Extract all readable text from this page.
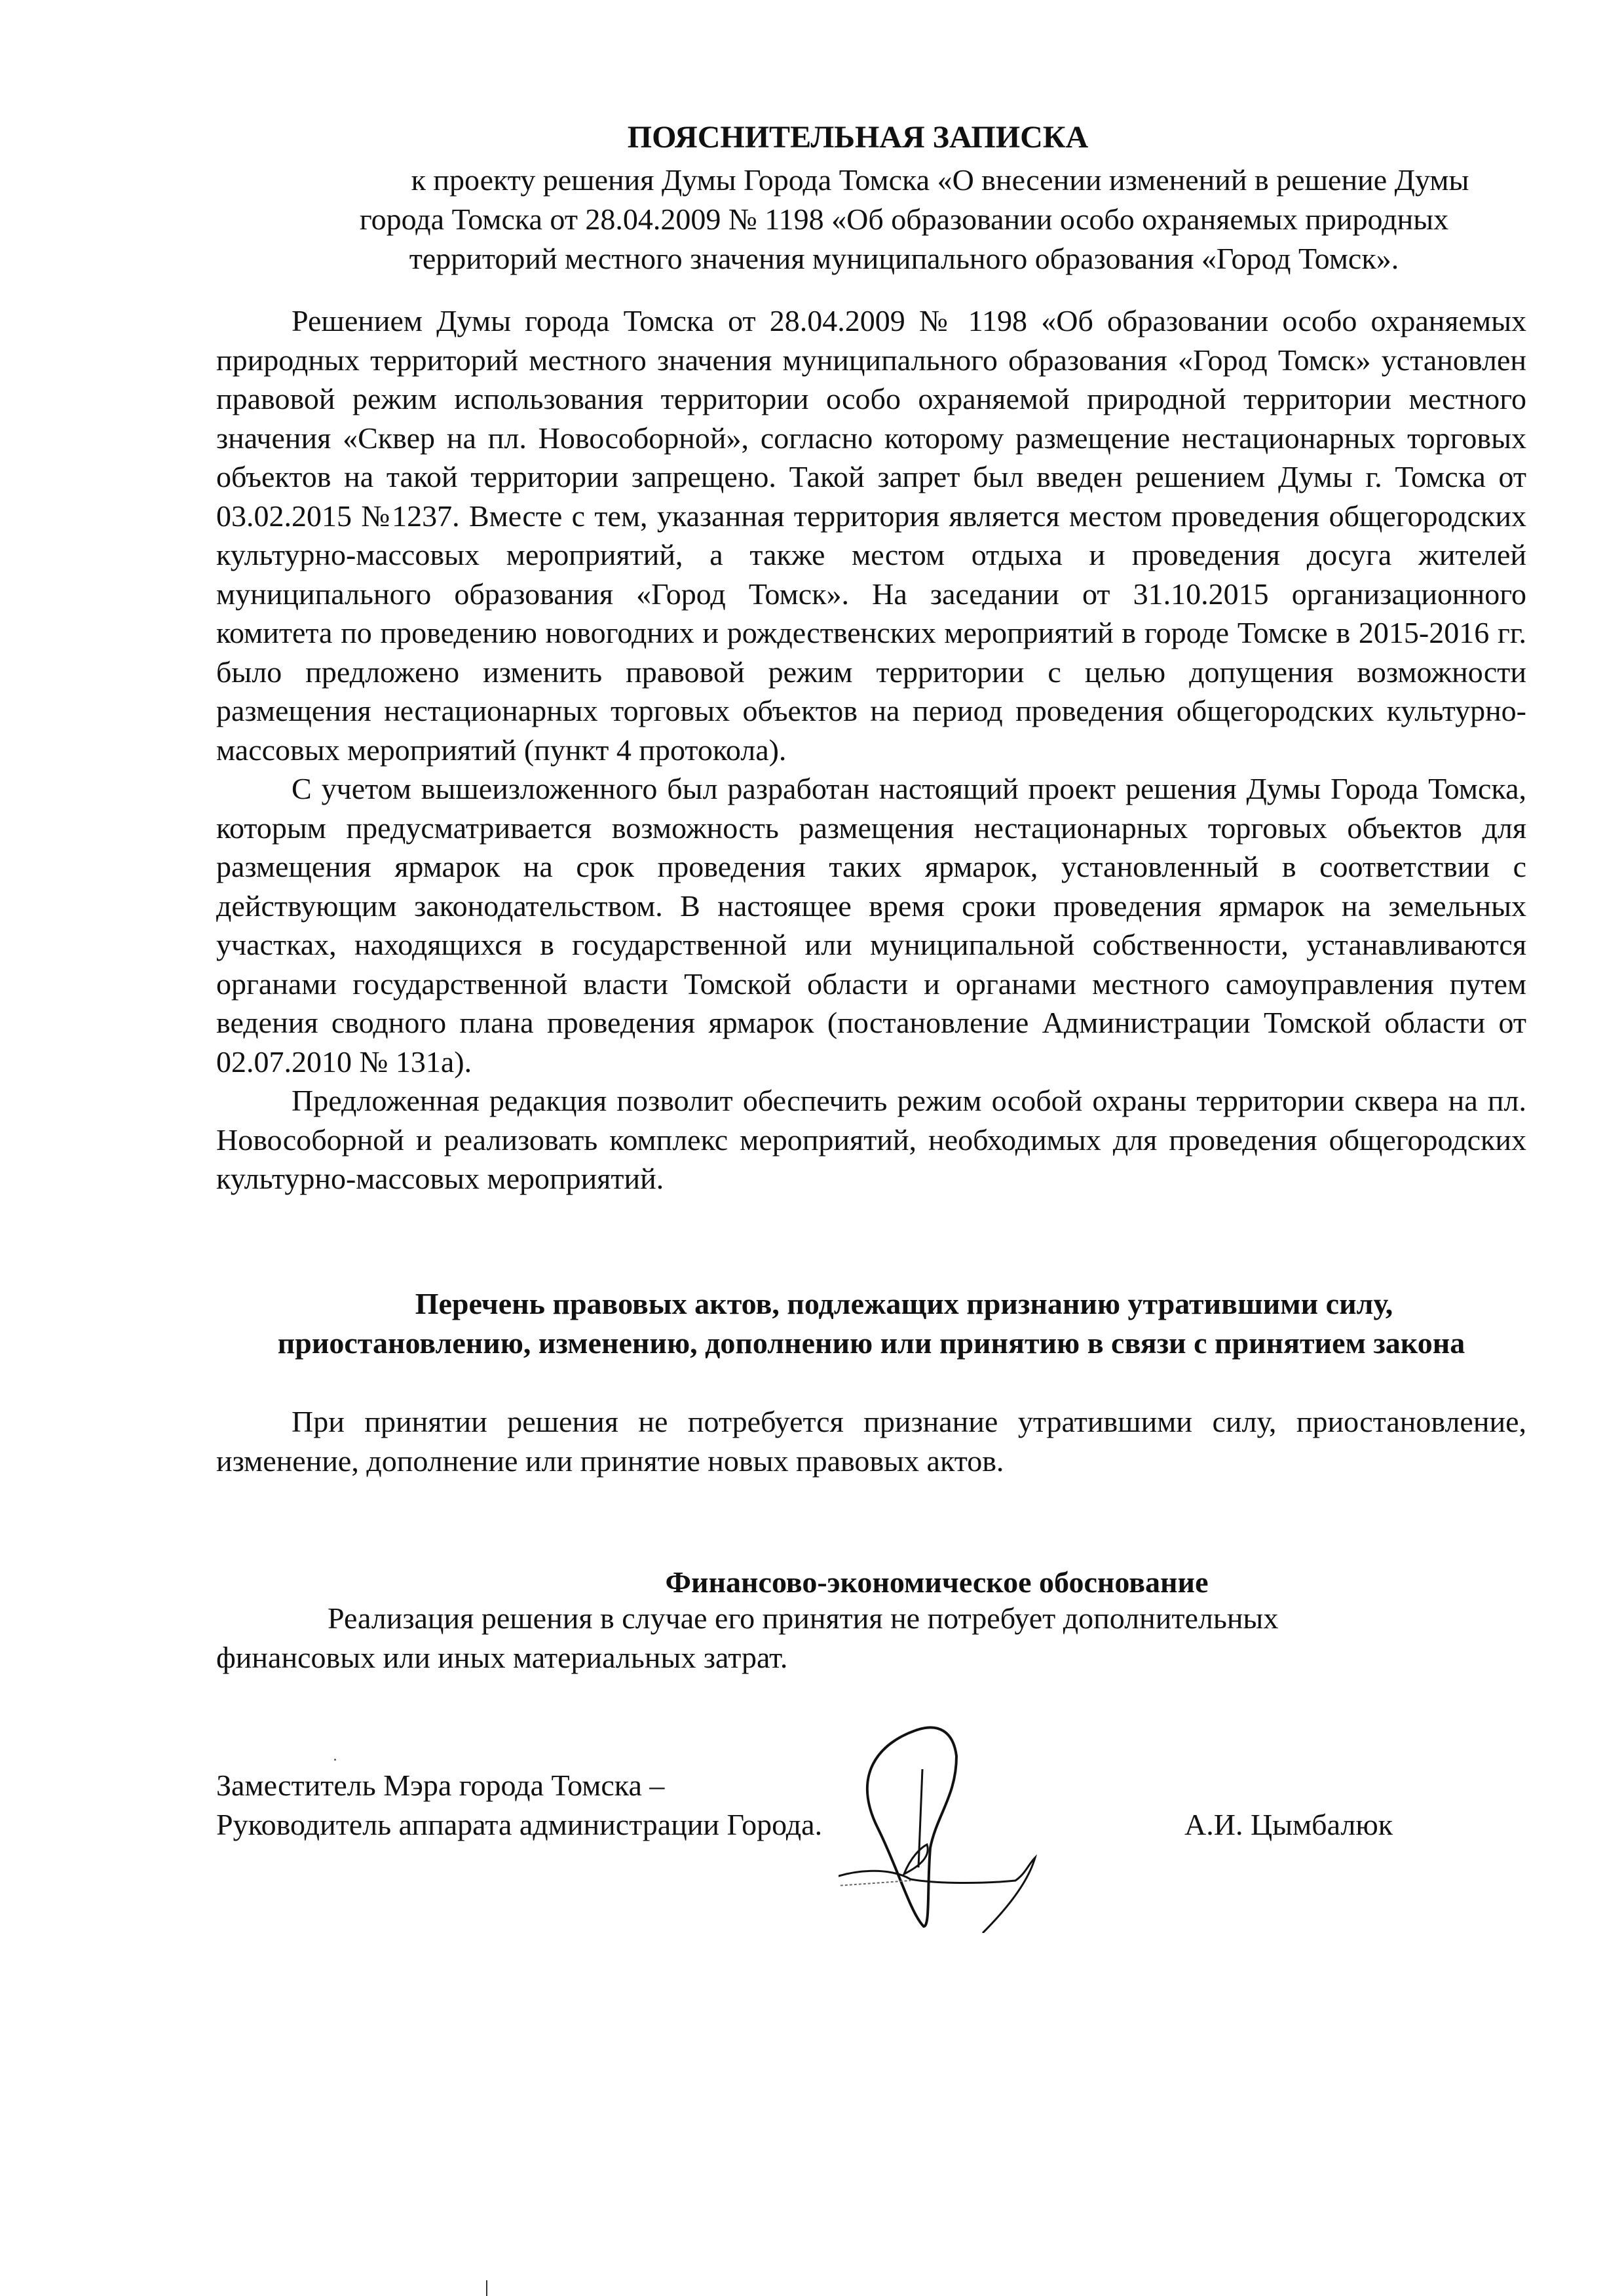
ПОЯСНИТЕЛЬНАЯ ЗАПИСКА
к проекту решения Думы Города Томска «О внесении изменений в решение Думы
города Томска от 28.04.2009 № 1198 «Об образовании особо охраняемых природных
территорий местного значения муниципального образования «Город Томск».

Решением Думы города Томска от 28.04.2009 № 1198 «Об образовании особо охраняемых природных территорий местного значения муниципального образования «Город Томск» установлен правовой режим использования территории особо охраняемой природной территории местного значения «Сквер на пл. Новособорной», согласно которому размещение нестационарных торговых объектов на такой территории запрещено. Такой запрет был введен решением Думы г. Томска от 03.02.2015 №1237. Вместе с тем, указанная территория является местом проведения общегородских культурно-массовых мероприятий, а также местом отдыха и проведения досуга жителей муниципального образования «Город Томск». На заседании от 31.10.2015 организационного комитета по проведению новогодних и рождественских мероприятий в городе Томске в 2015-2016 гг. было предложено изменить правовой режим территории с целью допущения возможности размещения нестационарных торговых объектов на период проведения общегородских культурно-массовых мероприятий (пункт 4 протокола).

С учетом вышеизложенного был разработан настоящий проект решения Думы Города Томска, которым предусматривается возможность размещения нестационарных торговых объектов для размещения ярмарок на срок проведения таких ярмарок, установленный в соответствии с действующим законодательством. В настоящее время сроки проведения ярмарок на земельных участках, находящихся в государственной или муниципальной собственности, устанавливаются органами государственной власти Томской области и органами местного самоуправления путем ведения сводного плана проведения ярмарок (постановление Администрации Томской области от 02.07.2010 № 131а).

Предложенная редакция позволит обеспечить режим особой охраны территории сквера на пл. Новособорной и реализовать комплекс мероприятий, необходимых для проведения общегородских культурно-массовых мероприятий.

Перечень правовых актов, подлежащих признанию утратившими силу,
приостановлению, изменению, дополнению или принятию в связи с принятием закона

При принятии решения не потребуется признание утратившими силу, приостановление, изменение, дополнение или принятие новых правовых актов.

Финансово-экономическое обоснование
Реализация решения в случае его принятия не потребует дополнительных
финансовых или иных материальных затрат.
Заместитель Мэра города Томска –
Руководитель аппарата администрации Города.	А.И. Цымбалюк
